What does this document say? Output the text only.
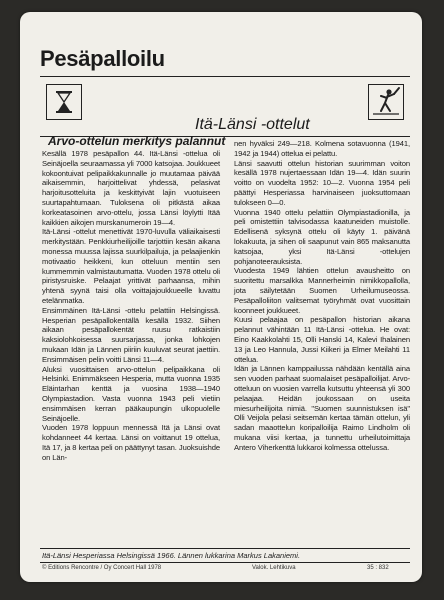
Pesäpalloilu
Itä-Länsi -ottelut
Arvo-ottelun merkitys palannut

Kesällä 1978 pesäpallon 44. Itä-Länsi -ottelua oli Seinäjoella seuraamassa yli 7000 katsojaa. Joukkueet kokoontuivat pelipaikkakunnalle jo muutamaa päivää aikaisemmin, harjoittelivat yhdessä, pelasivat harjoitusotteluita ja keskittyivät lajin vuotuiseen suurtapahtumaan. Tuloksena oli pitkästä aikaa korkeatasoinen arvo-ottelu, jossa Länsi löylytti Itää kaikkien aikojen murskanumeroin 19—4.

Itä-Länsi -ottelut menettivät 1970-luvulla väliaikaisesti merkitystään. Penkkiurheilijoille tarjottiin kesän aikana monessa muussa lajissa suurkilpailuja, ja pelaajienkin motivaatio heikkeni, kun otteluun mentiin sen kummemmin valmistautumatta. Vuoden 1978 ottelu oli piristysruiske. Pelaajat yrittivät parhaansa, mihin yhtenä syynä taisi olla voittajajoukkueelle luvattu etelänmatka.

Ensimmäinen Itä-Länsi -ottelu pelattiin Helsingissä. Hesperian pesäpallokentällä kesällä 1932. Siihen aikaan pesäpallokentät ruusu ratkaistiin kaksiolohkoisessa suursarjassa, jonka lohkojen mukaan Idän ja Lännen piiriin kuuluvat seurat jaettiin. Ensimmäisen pelin voitti Länsi 11—4.

Aluksi vuosittaisen arvo-ottelun pelipaikkana oli Helsinki. Enimmäkseen Hesperia, mutta vuonna 1935 Eläintarhan kenttä ja vuosina 1938—1940 Olympiastadion. Vasta vuonna 1943 peli vietiin ensimmäisen kerran pääkaupungin ulkopuolelle Seinäjoelle.

Vuoden 1978 loppuun mennessä Itä ja Länsi ovat kohdanneet 44 kertaa. Länsi on voittanut 19 ottelua, Itä 17, ja 8 kertaa peli on päättynyt tasan. Juoksuishde on Län-

nen hyväksi 249—218. Kolmena sotavuonna (1941, 1942 ja 1944) ottelua ei pelattu.

Länsi saavutti ottelun historian suurimman voiton kesällä 1978 nujertaessaan Idän 19—4. Idän suurin voitto on vuodelta 1952: 10—2. Vuonna 1954 peli päättyi Hesperiassa harvinaiseen juoksuttomaan tulokseen 0—0.

Vuonna 1940 ottelu pelattiin Olympiastadionilla, ja peli omistettiin talvisodassa kaatuneiden muistolle. Edellisenä syksynä ottelu oli käyty 1. päivänä lokakuuta, ja sihen oli saapunut vain 865 maksanutta katsojaa, yksi Itä-Länsi -ottelujen pohjanoteerauksista.

Vuodesta 1949 lähtien ottelun avausheitto on suoritettu marsalkka Mannerheimin nimikkopallolla, jota säilytetään Suomen Urheilumuseossa. Pesäpalloliiton valitsemat työryhmät ovat vuosittain koonneet joukkueet.

Kuusi pelaajaa on pesäpallon historian aikana pelannut vähintään 11 Itä-Länsi -ottelua. He ovat: Eino Kaakkolahti 15, Olli Hanski 14, Kalevi Ihalainen 13 ja Leo Hannula, Jussi Kiikeri ja Elmer Meilahti 11 ottelua.

Idän ja Lännen kamppailussa nähdään kentällä aina sen vuoden parhaat suomalaiset pesäpalloilijat. Arvo-otteluun on vuosien varrella kutsuttu yhteensä yli 300 pelaajaa. Heidän joukossaan on useita miesurheilijoita nimiä. "Suomen suunnistuksen isä" Olli Veijola pelasi seitsemän kertaa tämän ottelun, yli sadan maaottelun koripalloilija Raimo Lindholm oli mukana viisi kertaa, ja tunnettu urheilutoimittaja Antero Viherkenttä lukkaroi kolmessa ottelussa.

Itä-Länsi Hesperiassa Helsingissä 1966. Lännen lukkarina Markus Lakaniemi.
© Editions Rencontre / Oy Concert Hall 1978	Valok. Lehtikuva	35 : 832
